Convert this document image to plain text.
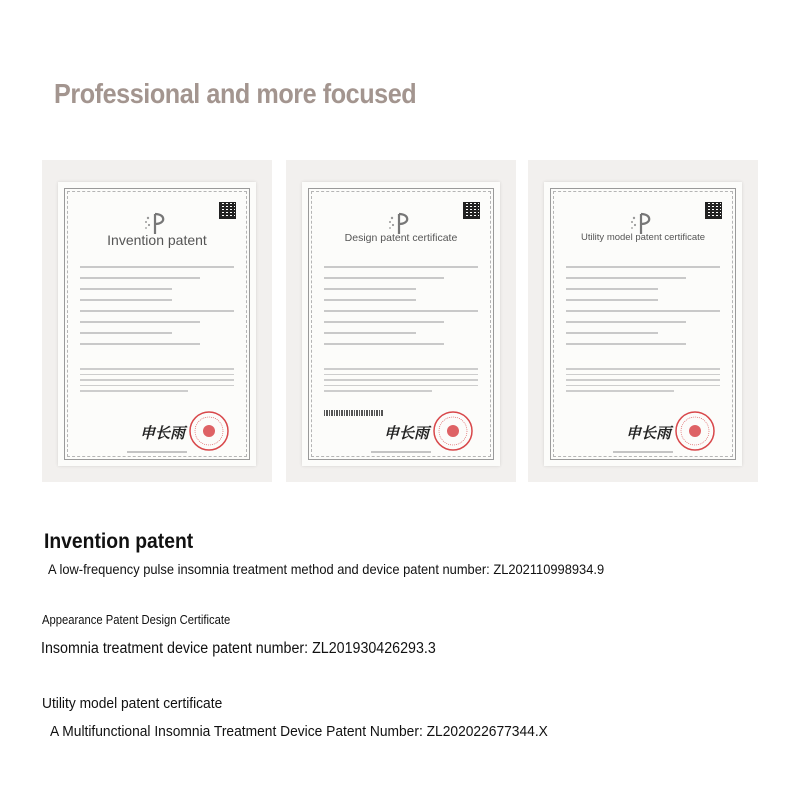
Professional and more focused
Invention patent
申长雨
Design patent certificate
申长雨
Utility model patent certificate
申长雨
Invention patent
A low-frequency pulse insomnia treatment method and device patent number: ZL202110998934.9
Appearance Patent Design Certificate
Insomnia treatment device patent number: ZL201930426293.3
Utility model patent certificate
A Multifunctional Insomnia Treatment Device Patent Number: ZL202022677344.X
